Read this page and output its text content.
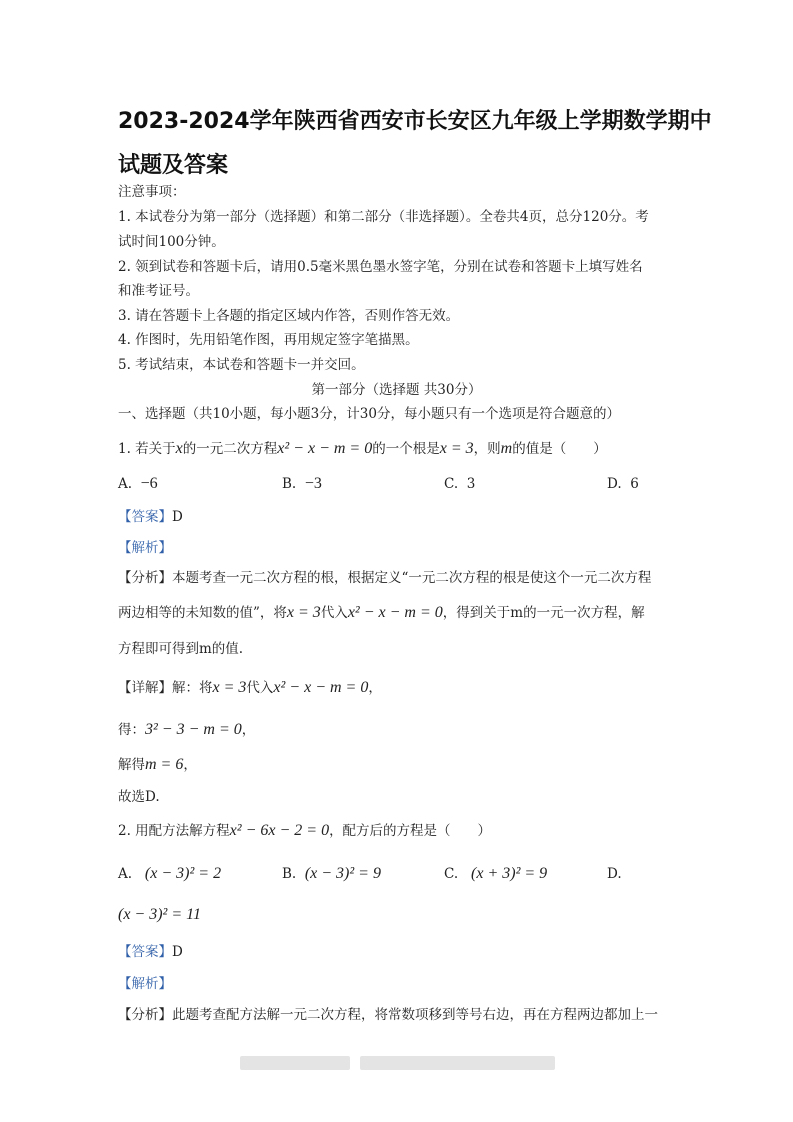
2023-2024学年陕西省西安市长安区九年级上学期数学期中
试题及答案
注意事项：
1. 本试卷分为第一部分（选择题）和第二部分（非选择题）。全卷共4页，总分120分。考
试时间100分钟。
2. 领到试卷和答题卡后，请用0.5毫米黑色墨水签字笔，分别在试卷和答题卡上填写姓名
和准考证号。
3. 请在答题卡上各题的指定区域内作答，否则作答无效。
4. 作图时，先用铅笔作图，再用规定签字笔描黑。
5. 考试结束，本试卷和答题卡一并交回。
第一部分（选择题 共30分）
一、选择题（共10小题，每小题3分，计30分，每小题只有一个选项是符合题意的）
1. 若关于x的一元二次方程x² − x − m = 0的一个根是x = 3，则m的值是（　　）
A. −6	B. −3	C. 3	D. 6
【答案】D
【解析】
【分析】本题考查一元二次方程的根，根据定义“一元二次方程的根是使这个一元二次方程
两边相等的未知数的值”，将x = 3代入x² − x − m = 0，得到关于m的一元一次方程，解
方程即可得到m的值.
【详解】解：将x = 3代入x² − x − m = 0，
得：3² − 3 − m = 0，
解得m = 6，
故选D.
2. 用配方法解方程x² − 6x − 2 = 0，配方后的方程是（　　）
A. (x − 3)² = 2	B. (x − 3)² = 9	C. (x + 3)² = 9	D.
(x − 3)² = 11
【答案】D
【解析】
【分析】此题考查配方法解一元二次方程，将常数项移到等号右边，再在方程两边都加上一
